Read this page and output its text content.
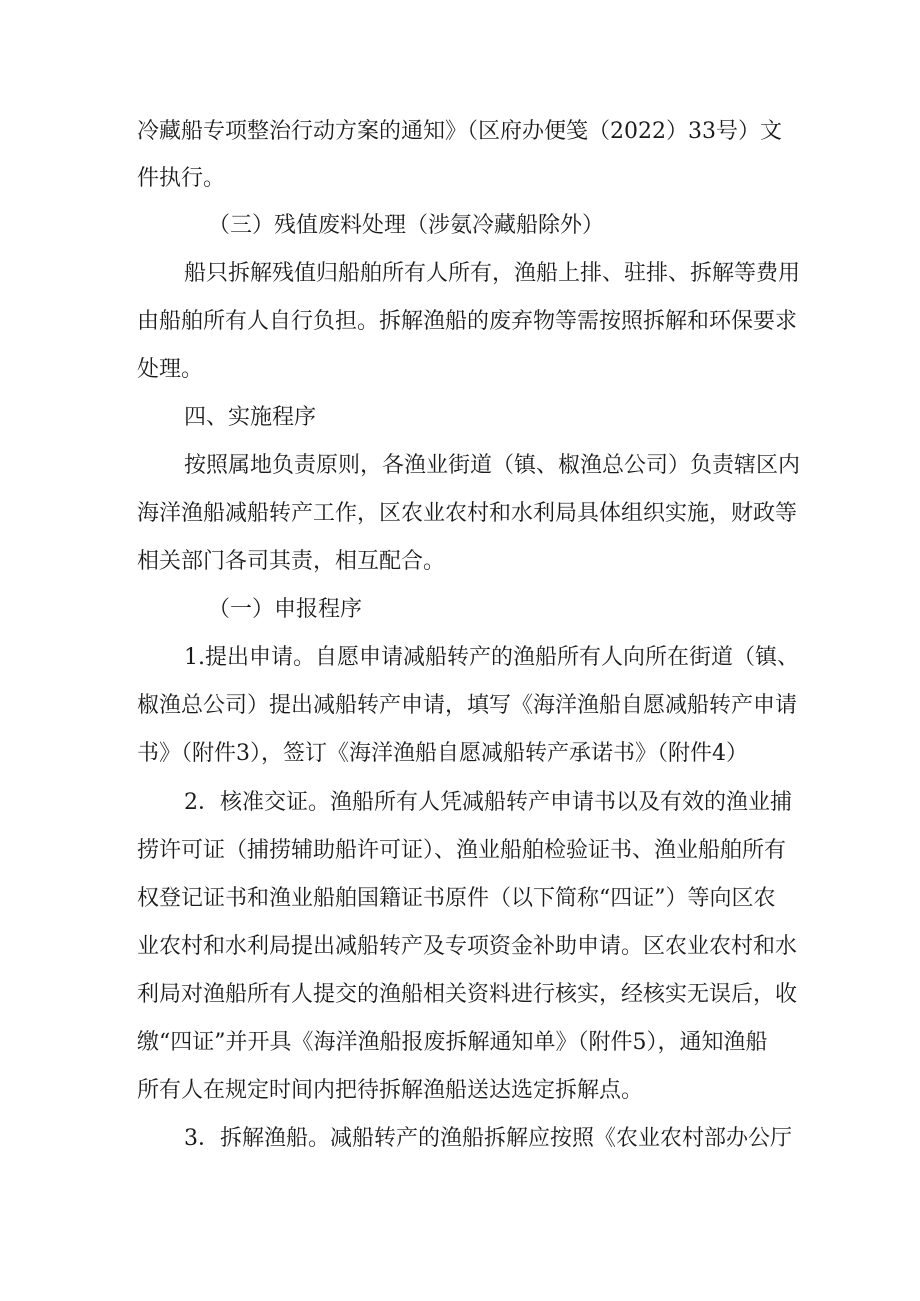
冷藏船专项整治行动方案的通知》（区府办便笺（2022）33号）文
件执行。
（三）残值废料处理（涉氨冷藏船除外）
船只拆解残值归船舶所有人所有，渔船上排、驻排、拆解等费用
由船舶所有人自行负担。拆解渔船的废弃物等需按照拆解和环保要求
处理。
四、实施程序
按照属地负责原则，各渔业街道（镇、椒渔总公司）负责辖区内
海洋渔船减船转产工作，区农业农村和水利局具体组织实施，财政等
相关部门各司其责，相互配合。
（一）申报程序
1.提出申请。自愿申请减船转产的渔船所有人向所在街道（镇、
椒渔总公司）提出减船转产申请，填写《海洋渔船自愿减船转产申请
书》（附件3），签订《海洋渔船自愿减船转产承诺书》（附件4）
2．核准交证。渔船所有人凭减船转产申请书以及有效的渔业捕
捞许可证（捕捞辅助船许可证）、渔业船舶检验证书、渔业船舶所有
权登记证书和渔业船舶国籍证书原件（以下简称“四证”）等向区农
业农村和水利局提出减船转产及专项资金补助申请。区农业农村和水
利局对渔船所有人提交的渔船相关资料进行核实，经核实无误后，收
缴“四证”并开具《海洋渔船报废拆解通知单》（附件5），通知渔船
所有人在规定时间内把待拆解渔船送达选定拆解点。
3．拆解渔船。减船转产的渔船拆解应按照《农业农村部办公厅
